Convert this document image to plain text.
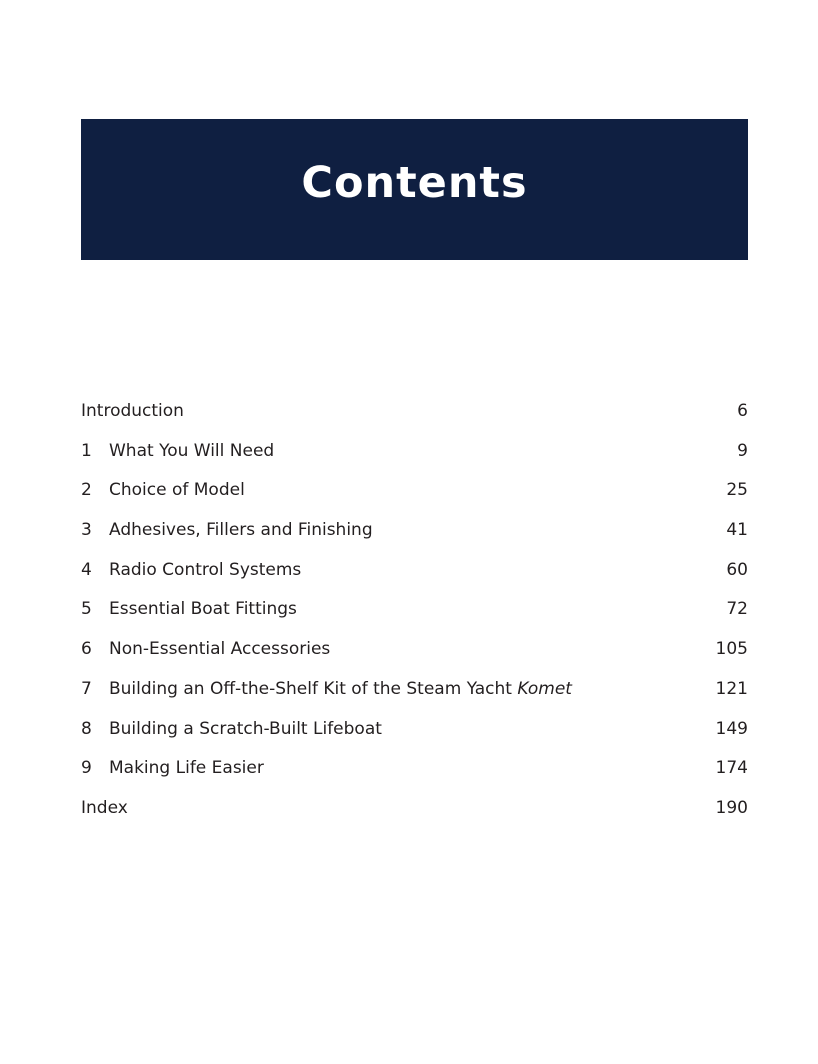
Contents
Introduction	6
1 What You Will Need	9
2 Choice of Model	25
3 Adhesives, Fillers and Finishing	41
4 Radio Control Systems	60
5 Essential Boat Fittings	72
6 Non-Essential Accessories	105
7 Building an Off-the-Shelf Kit of the Steam Yacht Komet	121
8 Building a Scratch-Built Lifeboat	149
9 Making Life Easier	174
Index	190
